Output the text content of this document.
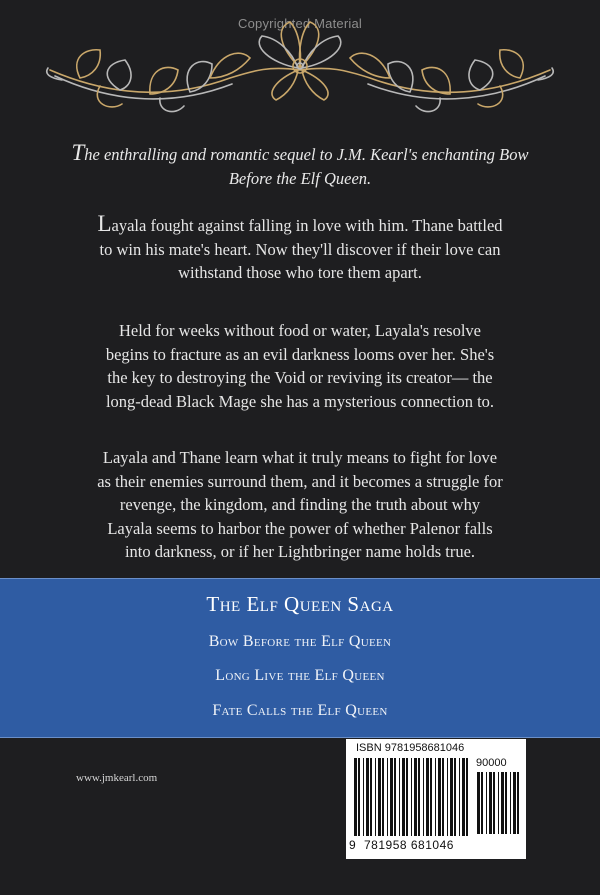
Copyrighted Material
The enthralling and romantic sequel to J.M. Kearl's enchanting Bow Before the Elf Queen.
Layala fought against falling in love with him. Thane battled to win his mate's heart. Now they'll discover if their love can withstand those who tore them apart.
Held for weeks without food or water, Layala's resolve begins to fracture as an evil darkness looms over her. She's the key to destroying the Void or reviving its creator— the long-dead Black Mage she has a mysterious connection to.
Layala and Thane learn what it truly means to fight for love as their enemies surround them, and it becomes a struggle for revenge, the kingdom, and finding the truth about why Layala seems to harbor the power of whether Palenor falls into darkness, or if her Lightbringer name holds true.
The Elf Queen Saga
Bow Before the Elf Queen
Long Live the Elf Queen
Fate Calls the Elf Queen
www.jmkearl.com
ISBN 9781958681046
90000
9 781958 681046
